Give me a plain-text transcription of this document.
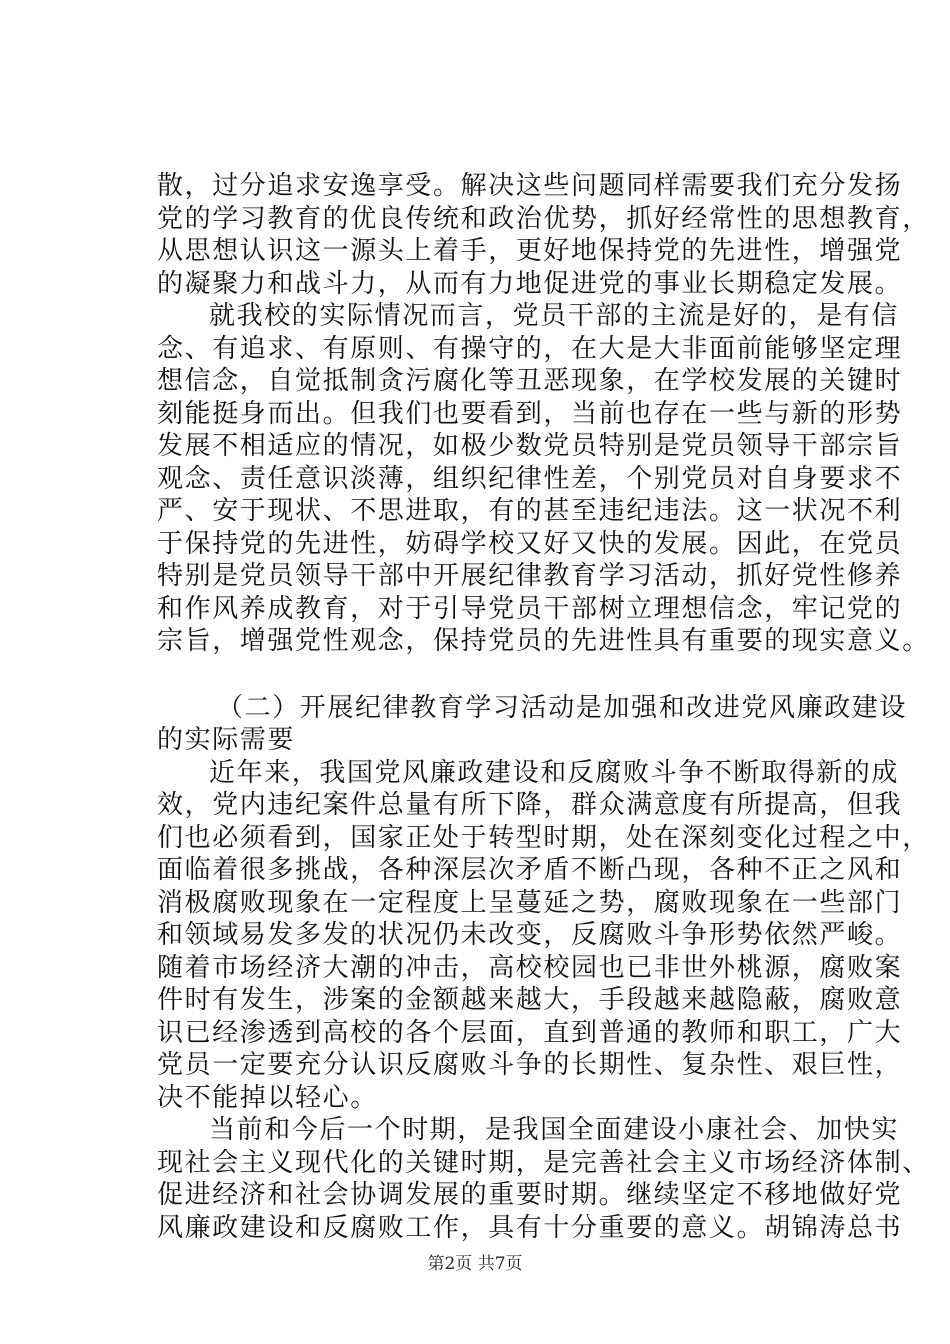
散，过分追求安逸享受。解决这些问题同样需要我们充分发扬
党的学习教育的优良传统和政治优势，抓好经常性的思想教育，
从思想认识这一源头上着手，更好地保持党的先进性，增强党
的凝聚力和战斗力，从而有力地促进党的事业长期稳定发展。
就我校的实际情况而言，党员干部的主流是好的，是有信
念、有追求、有原则、有操守的，在大是大非面前能够坚定理
想信念，自觉抵制贪污腐化等丑恶现象，在学校发展的关键时
刻能挺身而出。但我们也要看到，当前也存在一些与新的形势
发展不相适应的情况，如极少数党员特别是党员领导干部宗旨
观念、责任意识淡薄，组织纪律性差，个别党员对自身要求不
严、安于现状、不思进取，有的甚至违纪违法。这一状况不利
于保持党的先进性，妨碍学校又好又快的发展。因此，在党员
特别是党员领导干部中开展纪律教育学习活动，抓好党性修养
和作风养成教育，对于引导党员干部树立理想信念，牢记党的
宗旨，增强党性观念，保持党员的先进性具有重要的现实意义。
（二）开展纪律教育学习活动是加强和改进党风廉政建设
的实际需要
近年来，我国党风廉政建设和反腐败斗争不断取得新的成
效，党内违纪案件总量有所下降，群众满意度有所提高，但我
们也必须看到，国家正处于转型时期，处在深刻变化过程之中，
面临着很多挑战，各种深层次矛盾不断凸现，各种不正之风和
消极腐败现象在一定程度上呈蔓延之势，腐败现象在一些部门
和领域易发多发的状况仍未改变，反腐败斗争形势依然严峻。
随着市场经济大潮的冲击，高校校园也已非世外桃源，腐败案
件时有发生，涉案的金额越来越大，手段越来越隐蔽，腐败意
识已经渗透到高校的各个层面，直到普通的教师和职工，广大
党员一定要充分认识反腐败斗争的长期性、复杂性、艰巨性，
决不能掉以轻心。
当前和今后一个时期，是我国全面建设小康社会、加快实
现社会主义现代化的关键时期，是完善社会主义市场经济体制、
促进经济和社会协调发展的重要时期。继续坚定不移地做好党
风廉政建设和反腐败工作，具有十分重要的意义。胡锦涛总书
第2页 共7页
